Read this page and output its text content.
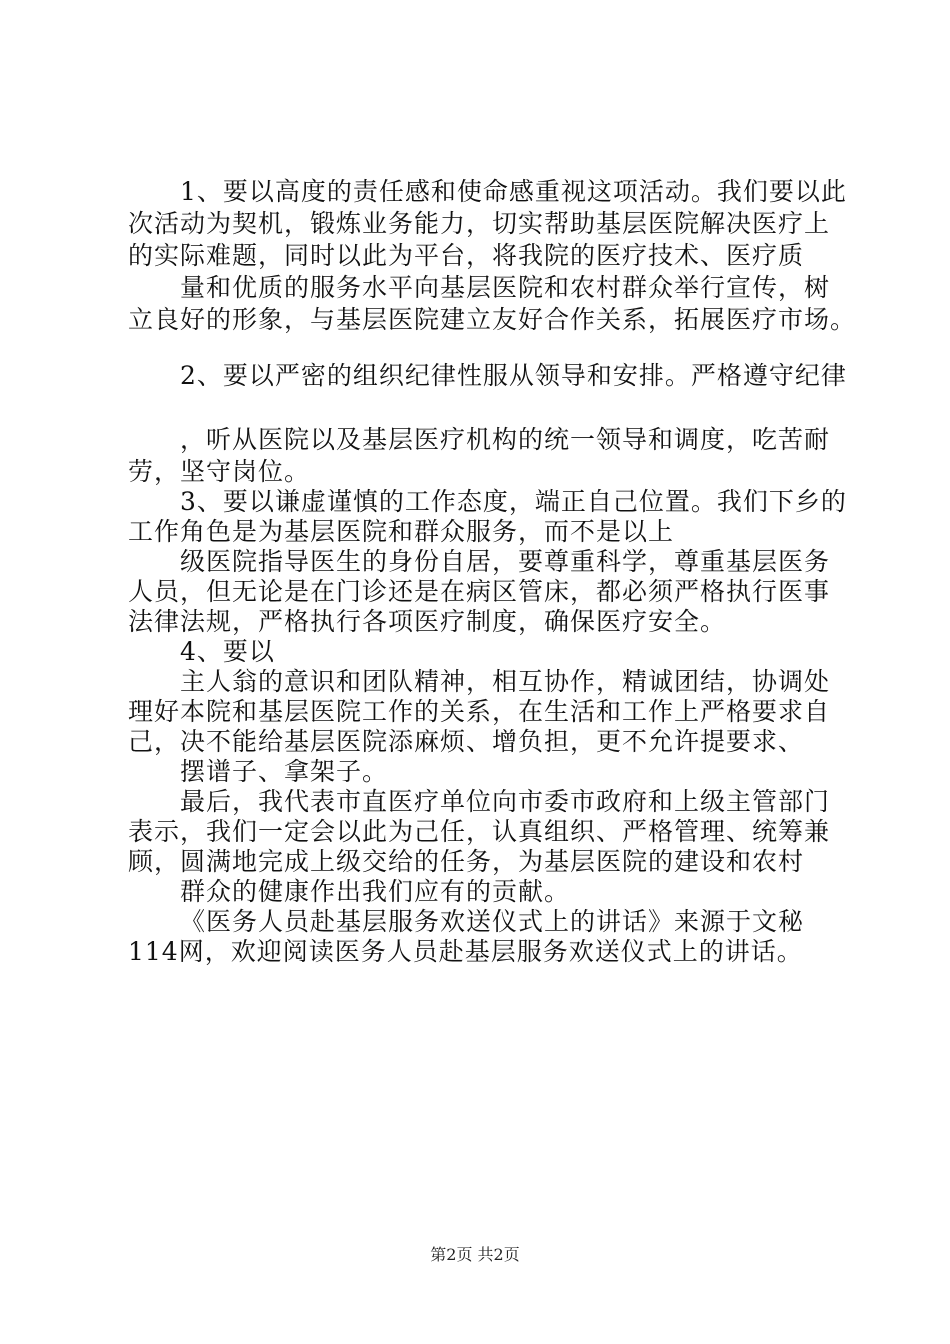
1、要以高度的责任感和使命感重视这项活动。我们要以此
次活动为契机，锻炼业务能力，切实帮助基层医院解决医疗上
的实际难题，同时以此为平台，将我院的医疗技术、医疗质
量和优质的服务水平向基层医院和农村群众举行宣传，树
立良好的形象，与基层医院建立友好合作关系，拓展医疗市场。
2、要以严密的组织纪律性服从领导和安排。严格遵守纪律
，听从医院以及基层医疗机构的统一领导和调度，吃苦耐
劳，坚守岗位。
3、要以谦虚谨慎的工作态度，端正自己位置。我们下乡的
工作角色是为基层医院和群众服务，而不是以上
级医院指导医生的身份自居，要尊重科学，尊重基层医务
人员，但无论是在门诊还是在病区管床，都必须严格执行医事
法律法规，严格执行各项医疗制度，确保医疗安全。
4、要以
主人翁的意识和团队精神，相互协作，精诚团结，协调处
理好本院和基层医院工作的关系，在生活和工作上严格要求自
己，决不能给基层医院添麻烦、增负担，更不允许提要求、
摆谱子、拿架子。
最后，我代表市直医疗单位向市委市政府和上级主管部门
表示，我们一定会以此为己任，认真组织、严格管理、统筹兼
顾，圆满地完成上级交给的任务，为基层医院的建设和农村
群众的健康作出我们应有的贡献。
《医务人员赴基层服务欢送仪式上的讲话》来源于文秘
114网，欢迎阅读医务人员赴基层服务欢送仪式上的讲话。
第2页 共2页
